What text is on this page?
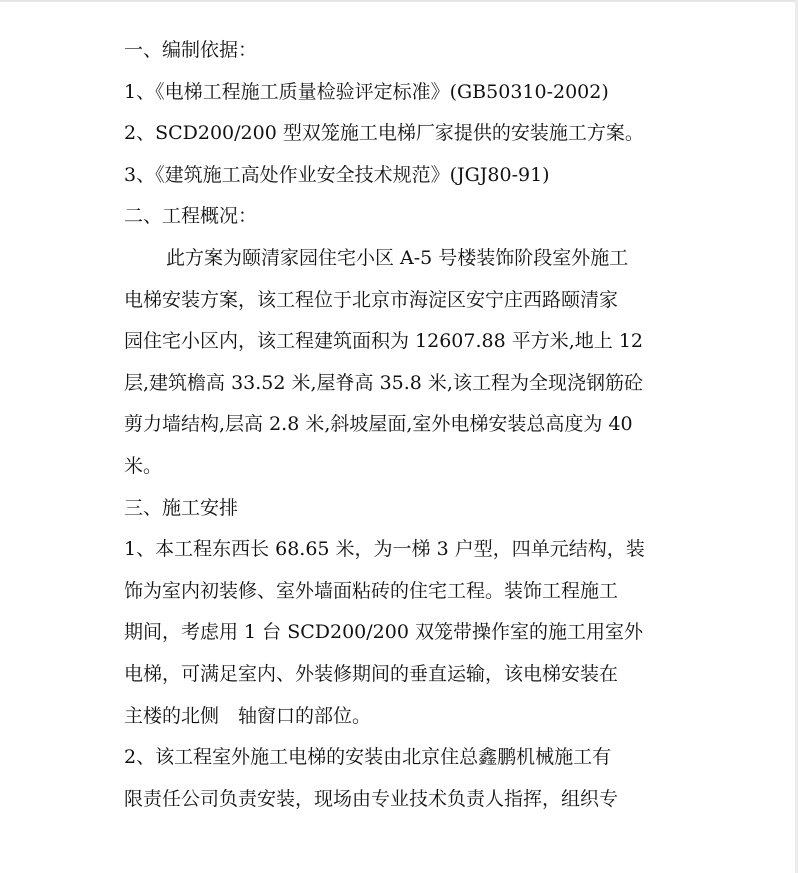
一、编制依据：
1、《电梯工程施工质量检验评定标准》(GB50310-2002)
2、SCD200/200 型双笼施工电梯厂家提供的安装施工方案。
3、《建筑施工高处作业安全技术规范》(JGJ80-91)
二、工程概况：
此方案为颐清家园住宅小区 A-5 号楼装饰阶段室外施工
电梯安装方案，该工程位于北京市海淀区安宁庄西路颐清家
园住宅小区内，该工程建筑面积为 12607.88 平方米,地上 12
层,建筑檐高 33.52 米,屋脊高 35.8 米,该工程为全现浇钢筋砼
剪力墙结构,层高 2.8 米,斜坡屋面,室外电梯安装总高度为 40
米。
三、施工安排
1、本工程东西长 68.65 米，为一梯 3 户型，四单元结构，装
饰为室内初装修、室外墙面粘砖的住宅工程。装饰工程施工
期间，考虑用 1 台 SCD200/200 双笼带操作室的施工用室外
电梯，可满足室内、外装修期间的垂直运输，该电梯安装在
主楼的北侧　轴窗口的部位。
2、该工程室外施工电梯的安装由北京住总鑫鹏机械施工有
限责任公司负责安装，现场由专业技术负责人指挥，组织专
